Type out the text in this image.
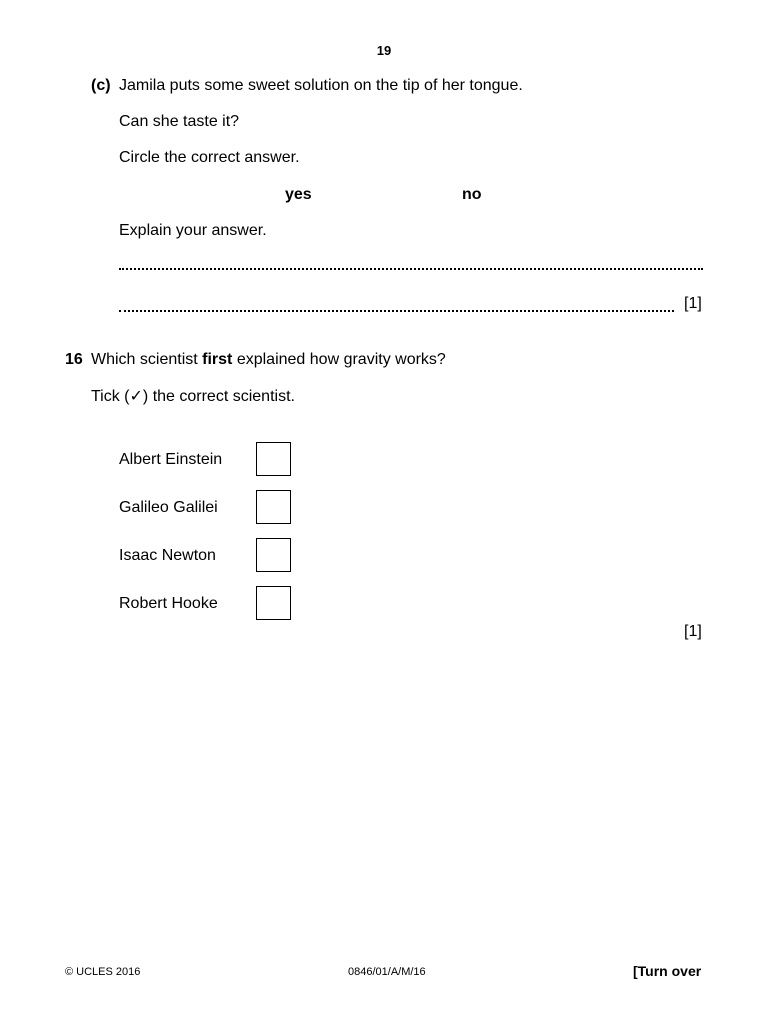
19
(c) Jamila puts some sweet solution on the tip of her tongue.
Can she taste it?
Circle the correct answer.
yes	no
Explain your answer.
[1]
16 Which scientist first explained how gravity works?
Tick (✓) the correct scientist.
Albert Einstein
Galileo Galilei
Isaac Newton
Robert Hooke
[1]
© UCLES 2016	0846/01/A/M/16	[Turn over
